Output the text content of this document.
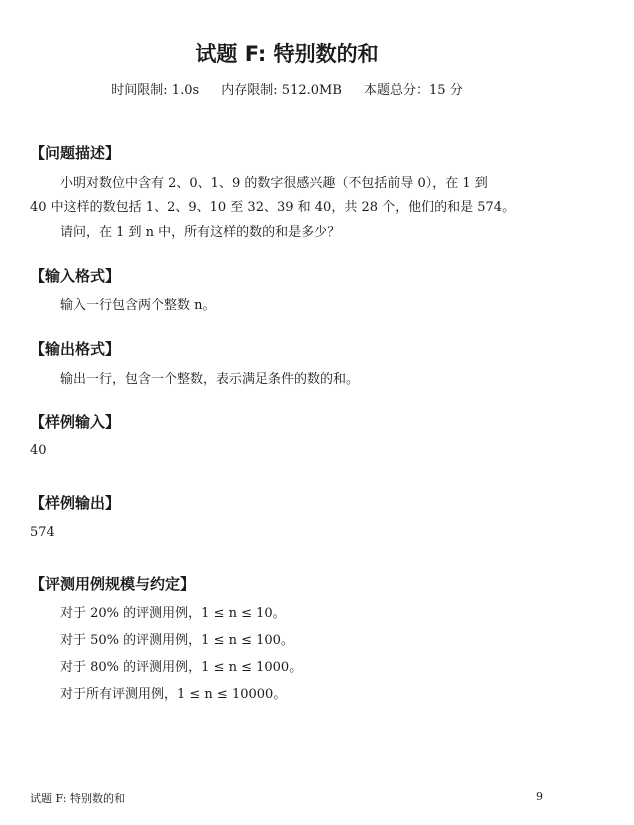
试题 F: 特别数的和
时间限制: 1.0s 内存限制: 512.0MB 本题总分：15 分
【问题描述】
小明对数位中含有 2、0、1、9 的数字很感兴趣（不包括前导 0），在 1 到
40 中这样的数包括 1、2、9、10 至 32、39 和 40，共 28 个，他们的和是 574。
请问，在 1 到 n 中，所有这样的数的和是多少？
【输入格式】
输入一行包含两个整数 n。
【输出格式】
输出一行，包含一个整数，表示满足条件的数的和。
【样例输入】
40
【样例输出】
574
【评测用例规模与约定】
对于 20% 的评测用例，1 ≤ n ≤ 10。
对于 50% 的评测用例，1 ≤ n ≤ 100。
对于 80% 的评测用例，1 ≤ n ≤ 1000。
对于所有评测用例，1 ≤ n ≤ 10000。
试题 F: 特别数的和	9
